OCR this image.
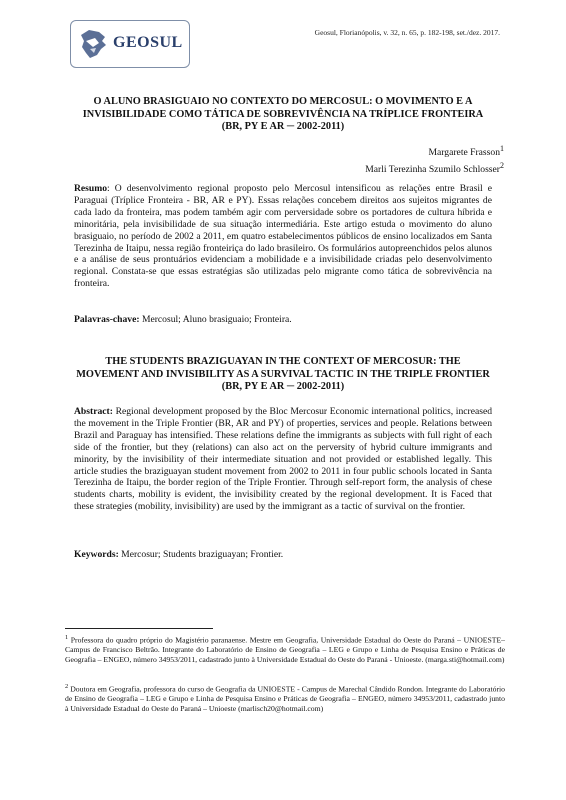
GEOSUL
Geosul, Florianópolis, v. 32, n. 65, p. 182-198, set./dez. 2017.
O ALUNO BRASIGUAIO NO CONTEXTO DO MERCOSUL: O MOVIMENTO E A INVISIBILIDADE COMO TÁTICA DE SOBREVIVÊNCIA NA TRÍPLICE FRONTEIRA (BR, PY E AR ─ 2002-2011)
Margarete Frasson$^1$
Marli Terezinha Szumilo Schlosser$^2$
Resumo: O desenvolvimento regional proposto pelo Mercosul intensificou as relações entre Brasil e Paraguai (Tríplice Fronteira - BR, AR e PY). Essas relações concebem direitos aos sujeitos migrantes de cada lado da fronteira, mas podem também agir com perversidade sobre os portadores de cultura híbrida e minoritária, pela invisibilidade de sua situação intermediária. Este artigo estuda o movimento do aluno brasiguaio, no período de 2002 a 2011, em quatro estabelecimentos públicos de ensino localizados em Santa Terezinha de Itaipu, nessa região fronteiriça do lado brasileiro. Os formulários autopreenchidos pelos alunos e a análise de seus prontuários evidenciam a mobilidade e a invisibilidade criadas pelo desenvolvimento regional. Constata-se que essas estratégias são utilizadas pelo migrante como tática de sobrevivência na fronteira.
Palavras-chave: Mercosul; Aluno brasiguaio; Fronteira.
THE STUDENTS BRAZIGUAYAN IN THE CONTEXT OF MERCOSUR: THE MOVEMENT AND INVISIBILITY AS A SURVIVAL TACTIC IN THE TRIPLE FRONTIER (BR, PY E AR ─ 2002-2011)
Abstract: Regional development proposed by the Bloc Mercosur Economic international politics, increased the movement in the Triple Frontier (BR, AR and PY) of properties, services and people. Relations between Brazil and Paraguay has intensified. These relations define the immigrants as subjects with full right of each side of the frontier, but they (relations) can also act on the perversity of hybrid culture immigrants and minority, by the invisibility of their intermediate situation and not provided or established legally. This article studies the braziguayan student movement from 2002 to 2011 in four public schools located in Santa Terezinha de Itaipu, the border region of the Triple Frontier. Through self-report form, the analysis of chese students charts, mobility is evident, the invisibility created by the regional development. It is Faced that these strategies (mobility, invisibility) are used by the immigrant as a tactic of survival on the frontier.
Keywords: Mercosur; Students braziguayan; Frontier.
$^1$ Professora do quadro próprio do Magistério paranaense. Mestre em Geografia, Universidade Estadual do Oeste do Paraná – UNIOESTE– Campus de Francisco Beltrão. Integrante do Laboratório de Ensino de Geografia – LEG e Grupo e Linha de Pesquisa Ensino e Práticas de Geografia – ENGEO, número 34953/2011, cadastrado junto à Universidade Estadual do Oeste do Paraná - Unioeste. (marga.sti@hotmail.com)
$^2$ Doutora em Geografia, professora do curso de Geografia da UNIOESTE - Campus de Marechal Cândido Rondon. Integrante do Laboratório de Ensino de Geografia – LEG e Grupo e Linha de Pesquisa Ensino e Práticas de Geografia – ENGEO, número 34953/2011, cadastrado junto à Universidade Estadual do Oeste do Paraná – Unioeste (marlisch20@hotmail.com)
